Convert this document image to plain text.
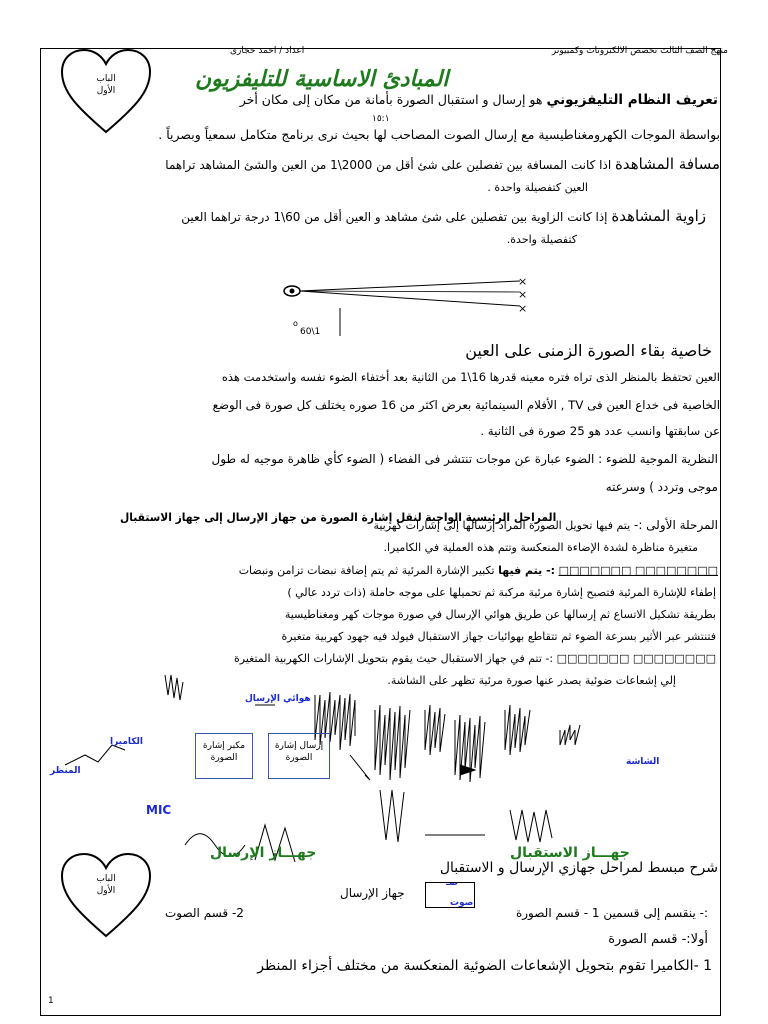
منهج الصف الثالث تخصص الالكترونات وكمبيوتر
اعداد / احمد حجازى
الباب
الأول	المبادئ الاساسية للتليفزيون
تعريف النظام التليفزيوني هو إرسال و استقبال الصورة بأمانة من مكان إلى مكان أخر
١٥:١
بواسطة الموجات الكهرومغناطيسية مع إرسال الصوت المصاحب لها بحيث نرى برنامج متكامل سمعياً وبصرياً .
مسافة المشاهدة اذا كانت المسافة بين تفصلين على شئ أقل من 2000\1 من العين والشئ المشاهد تراهما
العين كتفصيلة واحدة .
زاوية المشاهدة إذا كانت الزاوية بين تفصلين على شئ مشاهد و العين أقل من 60\1 درجة تراهما العين
كتفصيلة واحدة.
×
×
×
o
60\1
خاصية بقاء الصورة الزمنى على العين
العين تحتفظ بالمنظر الذى تراه فتره معينه قدرها 16\1 من الثانية بعد أختفاء الضوء نفسه واستخدمت هذه
الخاصية فى خداع العين فى TV , الأفلام السينمائية بعرض اكثر من 16 صوره يختلف كل صورة فى الوضع
عن سابقتها وانسب عدد هو 25 صورة فى الثانية .
النظرية الموجية للضوء : الضوء عبارة عن موجات تنتشر فى الفضاء ( الضوء كأي ظاهرة موجيه له طول
موجى وتردد ) وسرعته
المراحل الرئيسية الواجبة لنقل إشارة الصورة من جهاز الإرسال إلى جهاز الاستقبال
المرحلة الأولى :- يتم فيها تحويل الصورة المراد إرسالها إلى إشارات كهربية
متغيرة مناظرة لشدة الإضاءة المنعكسة وتتم هذه العملية في الكاميرا.
□□□□□□□□ □□□□□□□ :- يتم فيها تكبير الإشارة المرئية ثم يتم إضافة نبضات تزامن ونبضات
إطفاء للإشارة المرئية فتصبح إشارة مرئية مركبة ثم تحميلها على موجه حاملة (ذات تردد عالي )
بطريقة تشكيل الاتساع ثم إرسالها عن طريق هوائي الإرسال في صورة موجات كهر ومغناطيسية
فتنتشر عبر الأثير بسرعة الضوء ثم تتقاطع بهوائيات جهاز الاستقبال فيولد فيه جهود كهربية متغيرة
□□□□□□□□ □□□□□□□ :- تتم في جهاز الاستقبال حيث يقوم بتحويل الإشارات الكهربية المتغيرة
إلي إشعاعات ضوئية يصدر عنها صورة مرئية تظهر على الشاشة.
هوائي الإرسال
الكاميرا
المنظر
الشاشة
مكبر إشارة الصورة
إرسال إشارة الصورة
MIC
جهـــاز الإرسال	جهـــاز الاستقبال
الباب
الأول
شرح مبسط لمراحل جهازي الإرسال و الاستقبال
جهاز الإرسال
صـ
صوت
2- قسم الصوت	:- ينقسم إلى قسمين 1 - قسم الصورة
أولا:- قسم الصورة
1 -الكاميرا تقوم بتحويل الإشعاعات الضوئية المنعكسة من مختلف أجزاء المنظر
1
